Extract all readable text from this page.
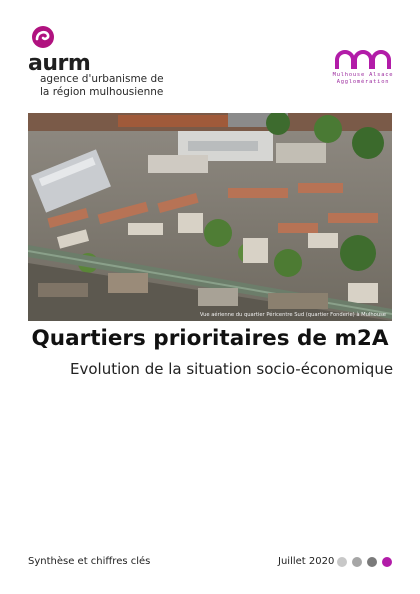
aurm
agence d'urbanisme de
la région mulhousienne
Mulhouse Alsace
Agglomération
Vue aérienne du quartier Péricentre Sud (quartier Fonderie) à Mulhouse
Quartiers prioritaires de m2A
Evolution de la situation socio-économique
Synthèse et chiffres clés	Juillet 2020
